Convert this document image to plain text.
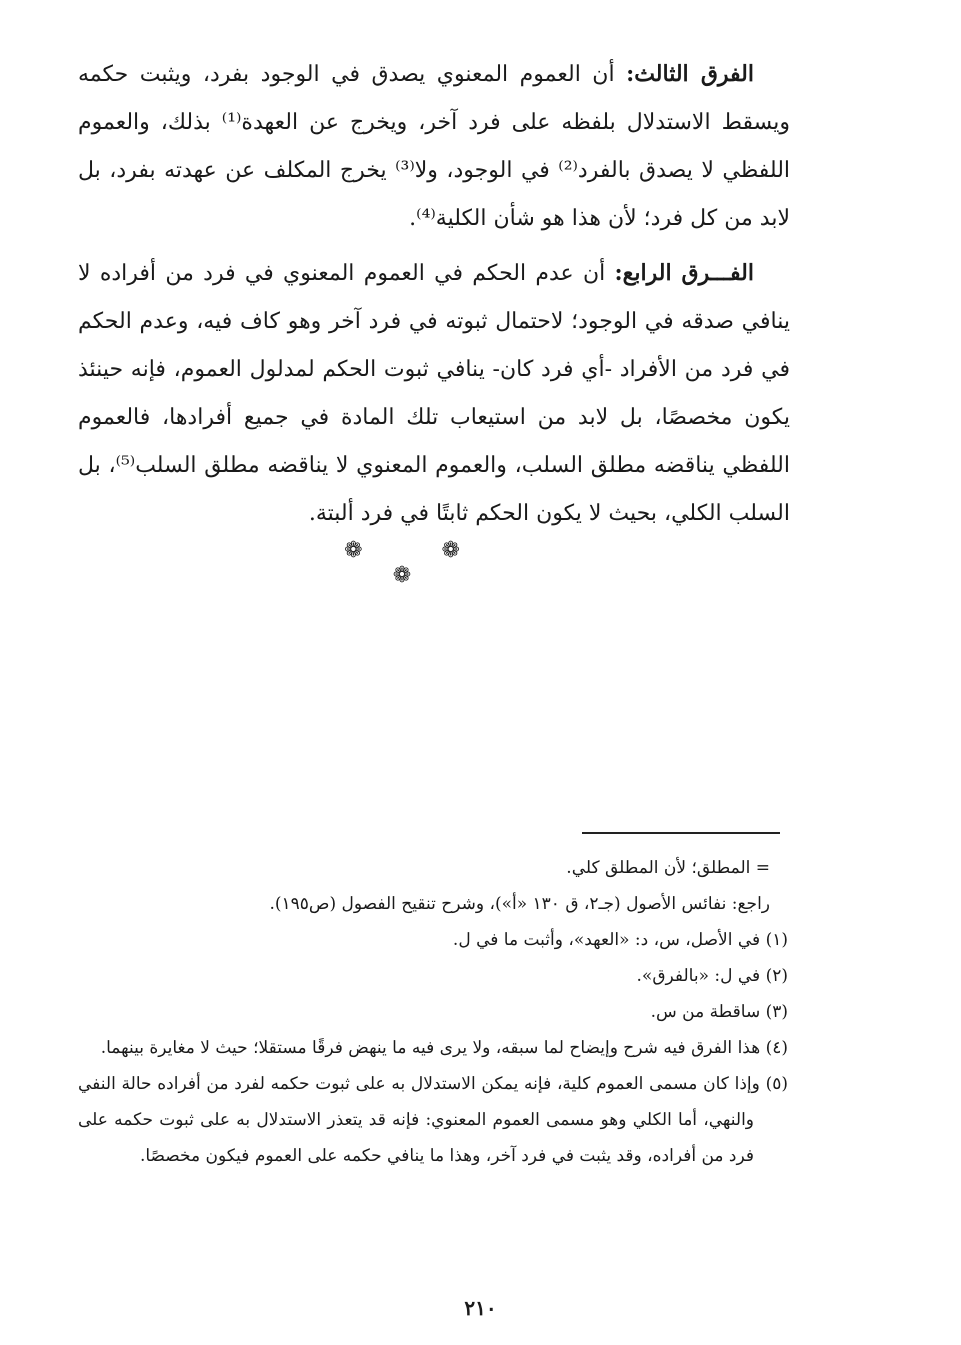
الفرق الثالث: أن العموم المعنوي يصدق في الوجود بفرد، ويثبت حكمه ويسقط الاستدلال بلفظه على فرد آخر، ويخرج عن العهدة⁽¹⁾ بذلك، والعموم اللفظي لا يصدق بالفرد⁽²⁾ في الوجود، ولا⁽³⁾ يخرج المكلف عن عهدته بفرد، بل لابد من كل فرد؛ لأن هذا هو شأن الكلية⁽⁴⁾.

الفـــرق الرابع: أن عدم الحكم في العموم المعنوي في فرد من أفراده لا ينافي صدقه في الوجود؛ لاحتمال ثبوته في فرد آخر وهو كاف فيه، وعدم الحكم في فرد من الأفراد -أي فرد كان- ينافي ثبوت الحكم لمدلول العموم، فإنه حينئذ يكون مخصصًا، بل لابد من استيعاب تلك المادة في جميع أفرادها، فالعموم اللفظي يناقضه مطلق السلب، والعموم المعنوي لا يناقضه مطلق السلب⁽⁵⁾، بل السلب الكلي، بحيث لا يكون الحكم ثابتًا في فرد ألبتة.

❁ ❁ ❁

= المطلق؛ لأن المطلق كلي.

راجع: نفائس الأصول (جـ٢، ق ١٣٠ «أ»)، وشرح تنقيح الفصول (ص١٩٥).

(١) في الأصل، س، د: «العهد»، وأثبت ما في ل.

(٢) في ل: «بالفرق».

(٣) ساقطة من س.

(٤) هذا الفرق فيه شرح وإيضاح لما سبقه، ولا يرى فيه ما ينهض فرقًا مستقلا؛ حيث لا مغايرة بينهما.

(٥) وإذا كان مسمى العموم كلية، فإنه يمكن الاستدلال به على ثبوت حكمه لفرد من أفراده حالة النفي والنهي، أما الكلي وهو مسمى العموم المعنوي: فإنه قد يتعذر الاستدلال به على ثبوت حكمه على فرد من أفراده، وقد يثبت في فرد آخر، وهذا ما ينافي حكمه على العموم فيكون مخصصًا.

٢١٠
